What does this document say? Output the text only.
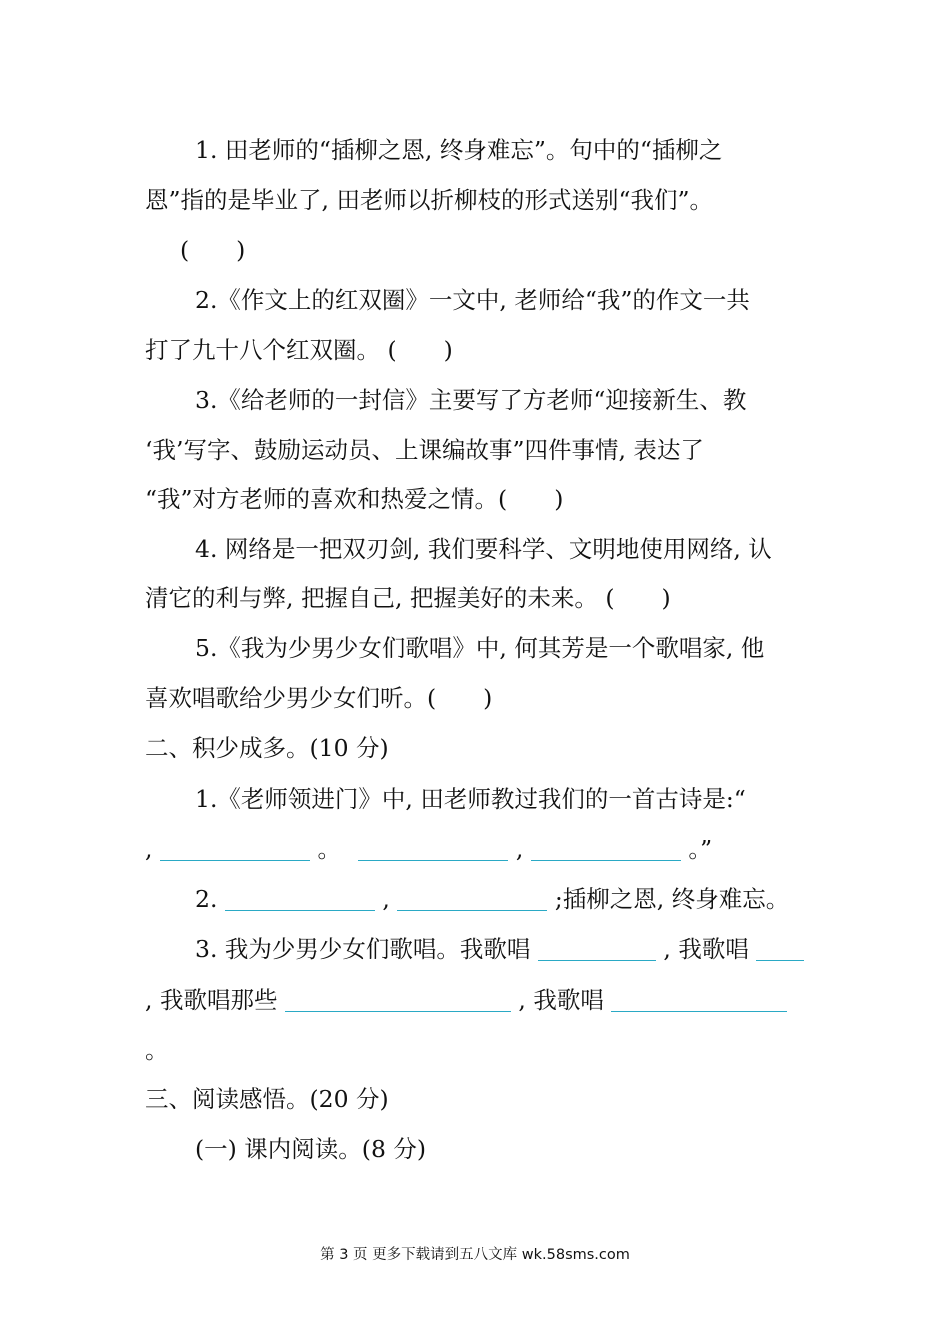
1. 田老师的“插柳之恩, 终身难忘”。句中的“插柳之
恩”指的是毕业了, 田老师以折柳枝的形式送别“我们”。
(　　)
2.《作文上的红双圈》一文中, 老师给“我”的作文一共
打了九十八个红双圈。 (　　)
3.《给老师的一封信》主要写了方老师“迎接新生、教
‘我’写字、鼓励运动员、上课编故事”四件事情, 表达了
“我”对方老师的喜欢和热爱之情。(　　)
4. 网络是一把双刃剑, 我们要科学、文明地使用网络, 认
清它的利与弊, 把握自己, 把握美好的未来。 (　　)
5.《我为少男少女们歌唱》中, 何其芳是一个歌唱家, 他
喜欢唱歌给少男少女们听。(　　)
二、积少成多。(10 分)
1.《老师领进门》中, 田老师教过我们的一首古诗是:“
,	。	,	。”
2.	,	;插柳之恩, 终身难忘。
3. 我为少男少女们歌唱。我歌唱	, 我歌唱
, 我歌唱那些	, 我歌唱
。
三、阅读感悟。(20 分)
(一) 课内阅读。(8 分)
第 3 页 更多下载请到五八文库 wk.58sms.com
